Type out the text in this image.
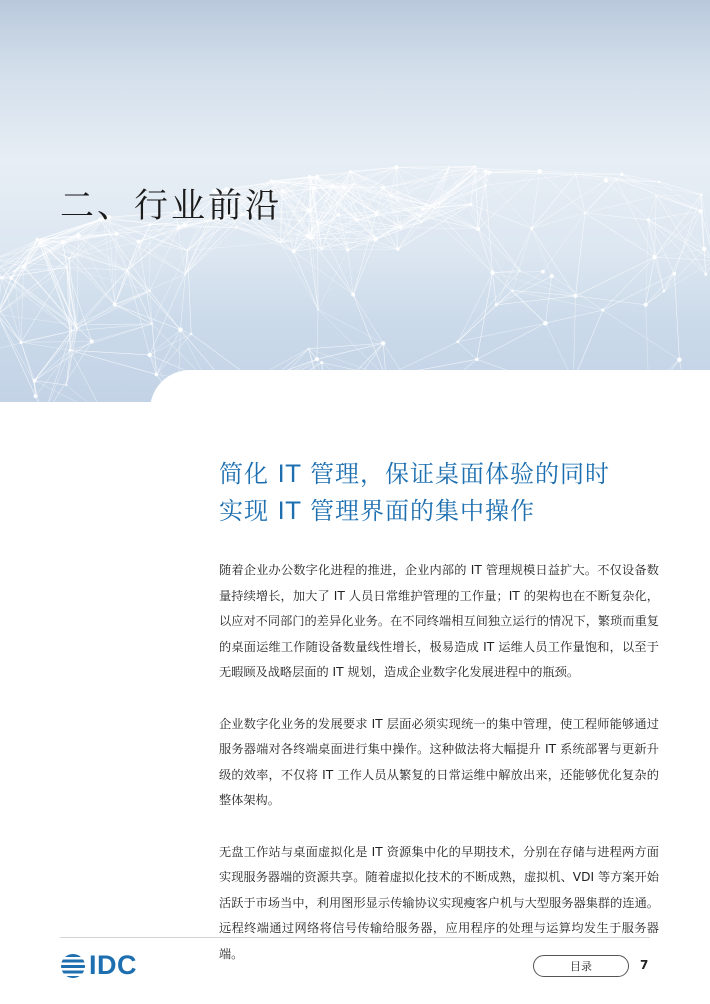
二、行业前沿
简化 IT 管理，保证桌面体验的同时
实现 IT 管理界面的集中操作

随着企业办公数字化进程的推进，企业内部的 IT 管理规模日益扩大。不仅设备数量持续增长，加大了 IT 人员日常维护管理的工作量；IT 的架构也在不断复杂化，以应对不同部门的差异化业务。在不同终端相互间独立运行的情况下，繁琐而重复的桌面运维工作随设备数量线性增长，极易造成 IT 运维人员工作量饱和，以至于无暇顾及战略层面的 IT 规划，造成企业数字化发展进程中的瓶颈。

企业数字化业务的发展要求 IT 层面必须实现统一的集中管理，使工程师能够通过服务器端对各终端桌面进行集中操作。这种做法将大幅提升 IT 系统部署与更新升级的效率，不仅将 IT 工作人员从繁复的日常运维中解放出来，还能够优化复杂的整体架构。

无盘工作站与桌面虚拟化是 IT 资源集中化的早期技术，分别在存储与进程两方面实现服务器端的资源共享。随着虚拟化技术的不断成熟，虚拟机、VDI 等方案开始活跃于市场当中，利用图形显示传输协议实现瘦客户机与大型服务器集群的连通。远程终端通过网络将信号传输给服务器，应用程序的处理与运算均发生于服务器端。

IDC	目录	7
